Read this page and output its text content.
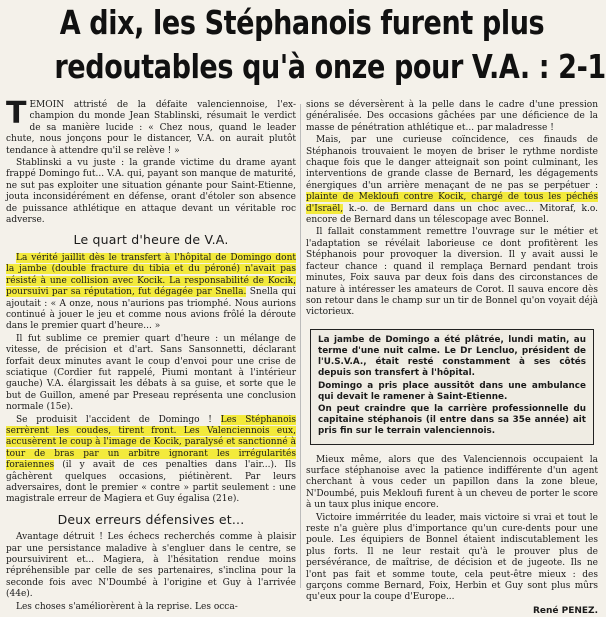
A dix, les Stéphanois furent plus
redoutables qu'à onze pour V.A. : 2-1

TEMOIN attristé de la défaite valenciennoise, l'ex-champion du monde Jean Stablinski, résumait le verdict de sa manière lucide : « Chez nous, quand le leader chute, nous jonçons pour le distancer, V.A. on aurait plutôt tendance à attendre qu'il se relève ! »

Stablinski a vu juste : la grande victime du drame ayant frappé Domingo fut... V.A. qui, payant son manque de maturité, ne sut pas exploiter une situation génante pour Saint-Etienne, jouta inconsidérément en défense, orant d'étoler son absence de puissance athlétique en attaque devant un véritable roc adverse.

Le quart d'heure de V.A.

La vérité jaillit dès le transfert à l'hôpital de Domingo dont la jambe (double fracture du tibia et du péroné) n'avait pas résisté à une collision avec Kocik. La responsabilité de Kocik, poursuivi par sa réputation, fut dégagée par Snella. Snella qui ajoutait : « A onze, nous n'aurions pas triomphé. Nous aurions continué à jouer le jeu et comme nous avions frôlé la déroute dans le premier quart d'heure... »

Il fut sublime ce premier quart d'heure : un mélange de vitesse, de précision et d'art. Sans Sansonnetti, déclarant forfait deux minutes avant le coup d'envoi pour une crise de sciatique (Cordier fut rappelé, Piumi montant à l'intérieur gauche) V.A. élargissait les débats à sa guise, et sorte que le but de Guillon, amené par Preseau représenta une conclusion normale (15e).

Se produisit l'accident de Domingo ! Les Stéphanois serrèrent les coudes, tirent front. Les Valenciennois eux, accusèrent le coup à l'image de Kocik, paralysé et sanctionné à tour de bras par un arbitre ignorant les irrégularités foraiennes (il y avait de ces penalties dans l'air...). Ils gâchèrent quelques occasions, piétinèrent. Par leurs adversaires, dont le premier « contre » partit seulement : une magistrale erreur de Magiera et Guy égalisa (21e).

Deux erreurs défensives et...

Avantage détruit ! Les échecs recherchés comme à plaisir par une persistance maladive à s'engluer dans le centre, se poursuivirent et... Magiera, à l'hésitation rendue moins répréhensible par celle de ses partenaires, s'inclina pour la seconde fois avec N'Doumbé à l'origine et Guy à l'arrivée (44e).

Les choses s'améliorèrent à la reprise. Les occa-

sions se déversèrent à la pelle dans le cadre d'une pression généralisée. Des occasions gâchées par une déficience de la masse de pénétration athlétique et... par maladresse !

Mais, par une curieuse coïncidence, ces finauds de Stéphanois trouvaient le moyen de briser le rythme nordiste chaque fois que le danger atteignait son point culminant, les interventions de grande classe de Bernard, les dégagements énergiques d'un arrière menaçant de ne pas se perpétuer : plainte de Mekloufi contre Kocik, chargé de tous les péchés d'Israël, k.-o. de Bernard dans un choc avec... Mitoraf, k.o. encore de Bernard dans un télescopage avec Bonnel.

Il fallait constamment remettre l'ouvrage sur le métier et l'adaptation se révélait laborieuse ce dont profitèrent les Stéphanois pour provoquer la diversion. Il y avait aussi le facteur chance : quand il remplaça Bernard pendant trois minutes, Foix sauva par deux fois dans des circonstances de nature à intéresser les amateurs de Corot. Il sauva encore dès son retour dans le champ sur un tir de Bonnel qu'on voyait déjà victorieux.

La jambe de Domingo a été plâtrée, lundi matin, au terme d'une nuit calme. Le Dr Lencluo, président de l'U.S.V.A., était resté constamment à ses côtés depuis son transfert à l'hôpital.

Domingo a pris place aussitôt dans une ambulance qui devait le ramener à Saint-Etienne.

On peut craindre que la carrière professionnelle du capitaine stéphanois (il entre dans sa 35e année) ait pris fin sur le terrain valenciennois.

Mieux même, alors que des Valenciennois occupaient la surface stéphanoise avec la patience indifférente d'un agent cherchant à vous ceder un papillon dans la zone bleue, N'Doumbé, puis Mekloufi furent à un cheveu de porter le score à un taux plus inique encore.

Victoire immérritée du leader, mais victoire si vrai et tout le reste n'a guère plus d'importance qu'un cure-dents pour une poule. Les équipiers de Bonnel étaient indiscutablement les plus forts. Il ne leur restait qu'à le prouver plus de persévérance, de maîtrise, de décision et de jugeote. Ils ne l'ont pas fait et somme toute, cela peut-être mieux : des garçons comme Bernard, Foix, Herbin et Guy sont plus mûrs qu'eux pour la coupe d'Europe...

René PENEZ.
